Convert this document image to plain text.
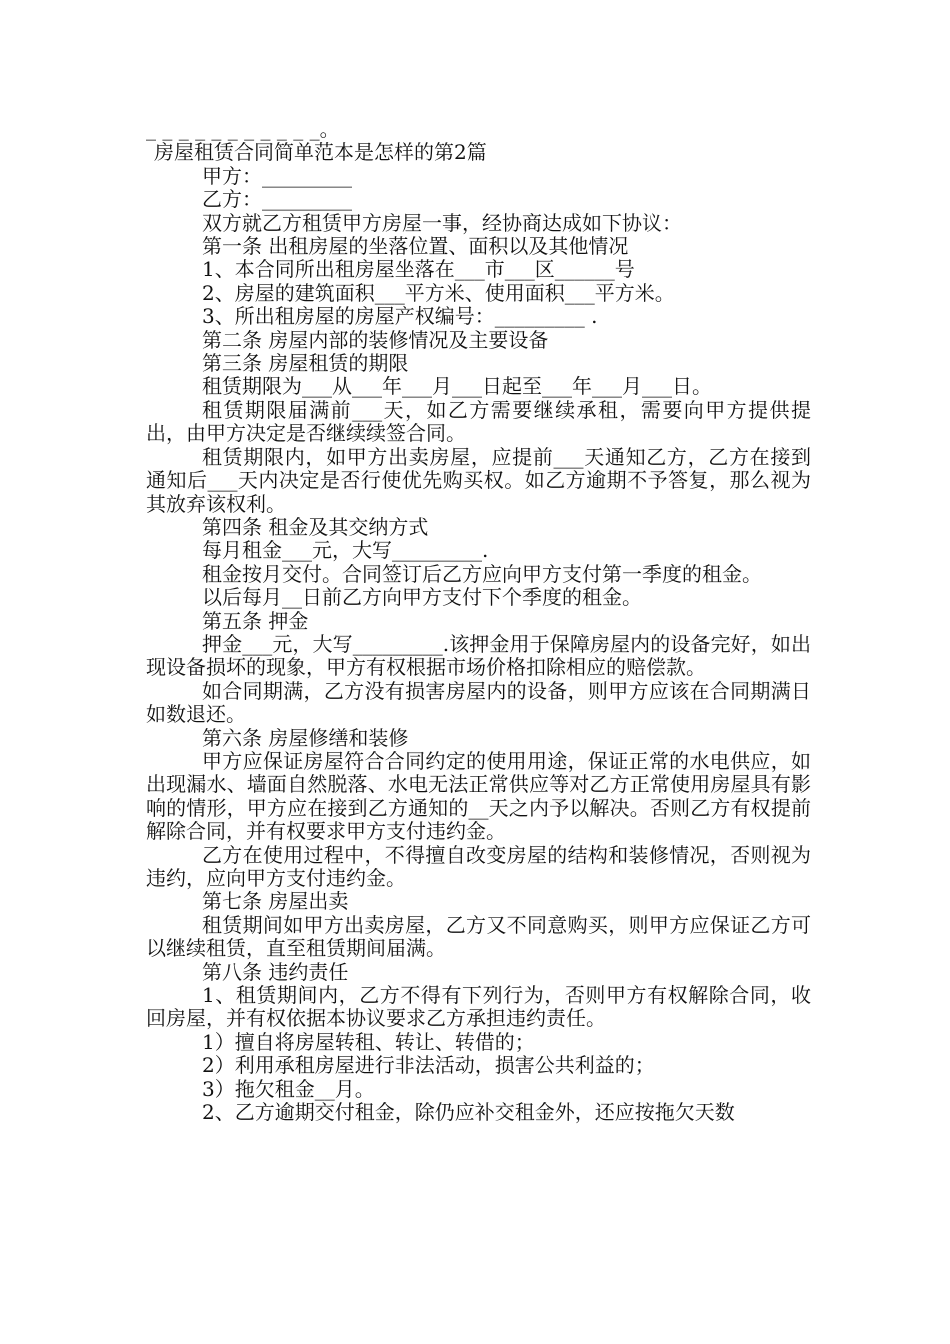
_ _ _ _ _ _ _ _ _ _ _。
房屋租赁合同简单范本是怎样的第2篇
甲方：_________
乙方：_________
双方就乙方租赁甲方房屋一事，经协商达成如下协议：
第一条 出租房屋的坐落位置、面积以及其他情况
1、本合同所出租房屋坐落在___市___区______号
2、房屋的建筑面积___平方米、使用面积___平方米。
3、所出租房屋的房屋产权编号：_________ .
第二条 房屋内部的装修情况及主要设备
第三条 房屋租赁的期限
租赁期限为___从___年___月___日起至___年___月___日。
租赁期限届满前___天，如乙方需要继续承租，需要向甲方提供提出，由甲方决定是否继续续签合同。
租赁期限内，如甲方出卖房屋，应提前___天通知乙方，乙方在接到通知后___天内决定是否行使优先购买权。如乙方逾期不予答复，那么视为其放弃该权利。
第四条 租金及其交纳方式
每月租金___元，大写_________.
租金按月交付。合同签订后乙方应向甲方支付第一季度的租金。
以后每月__日前乙方向甲方支付下个季度的租金。
第五条 押金
押金___元，大写_________.该押金用于保障房屋内的设备完好，如出现设备损坏的现象，甲方有权根据市场价格扣除相应的赔偿款。
如合同期满，乙方没有损害房屋内的设备，则甲方应该在合同期满日如数退还。
第六条 房屋修缮和装修
甲方应保证房屋符合合同约定的使用用途，保证正常的水电供应，如出现漏水、墙面自然脱落、水电无法正常供应等对乙方正常使用房屋具有影响的情形，甲方应在接到乙方通知的__天之内予以解决。否则乙方有权提前解除合同，并有权要求甲方支付违约金。
乙方在使用过程中，不得擅自改变房屋的结构和装修情况，否则视为违约，应向甲方支付违约金。
第七条 房屋出卖
租赁期间如甲方出卖房屋，乙方又不同意购买，则甲方应保证乙方可以继续租赁，直至租赁期间届满。
第八条 违约责任
1、租赁期间内，乙方不得有下列行为，否则甲方有权解除合同，收回房屋，并有权依据本协议要求乙方承担违约责任。
1）擅自将房屋转租、转让、转借的；
2）利用承租房屋进行非法活动，损害公共利益的；
3）拖欠租金__月。
2、乙方逾期交付租金，除仍应补交租金外，还应按拖欠天数
